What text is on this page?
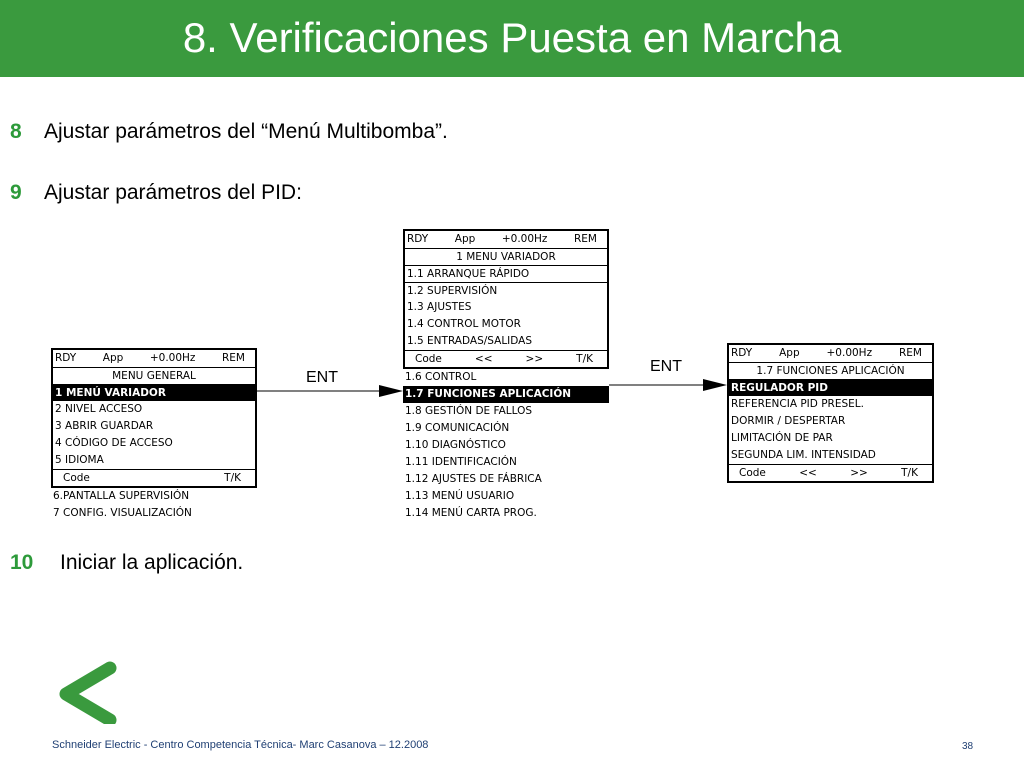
8. Verificaciones Puesta en Marcha
8 Ajustar parámetros del “Menú Multibomba”.
9 Ajustar parámetros del PID:
10 Iniciar la aplicación.
RDY	App	+0.00Hz	REM
MENU GENERAL
1 MENÚ VARIADOR
2 NIVEL ACCESO
3 ABRIR GUARDAR
4 CÓDIGO DE ACCESO
5 IDIOMA
Code	T/K
6.PANTALLA SUPERVISIÓN
7 CONFIG. VISUALIZACIÓN
RDY	App	+0.00Hz	REM
1 MENU VARIADOR
1.1 ARRANQUE RÁPIDO
1.2 SUPERVISIÓN
1.3 AJUSTES
1.4 CONTROL MOTOR
1.5 ENTRADAS/SALIDAS
Code	<<	>>	T/K
1.6 CONTROL
1.7 FUNCIONES APLICACIÓN
1.8 GESTIÓN DE FALLOS
1.9 COMUNICACIÓN
1.10 DIAGNÓSTICO
1.11 IDENTIFICACIÓN
1.12 AJUSTES DE FÁBRICA
1.13 MENÚ USUARIO
1.14 MENÚ CARTA PROG.
RDY	App	+0.00Hz	REM
1.7 FUNCIONES APLICACIÓN
REGULADOR PID
REFERENCIA PID PRESEL.
DORMIR / DESPERTAR
LIMITACIÓN DE PAR
SEGUNDA LIM. INTENSIDAD
Code	<<	>>	T/K
ENT
ENT
Schneider Electric - Centro Competencia Técnica- Marc Casanova – 12.2008	38
